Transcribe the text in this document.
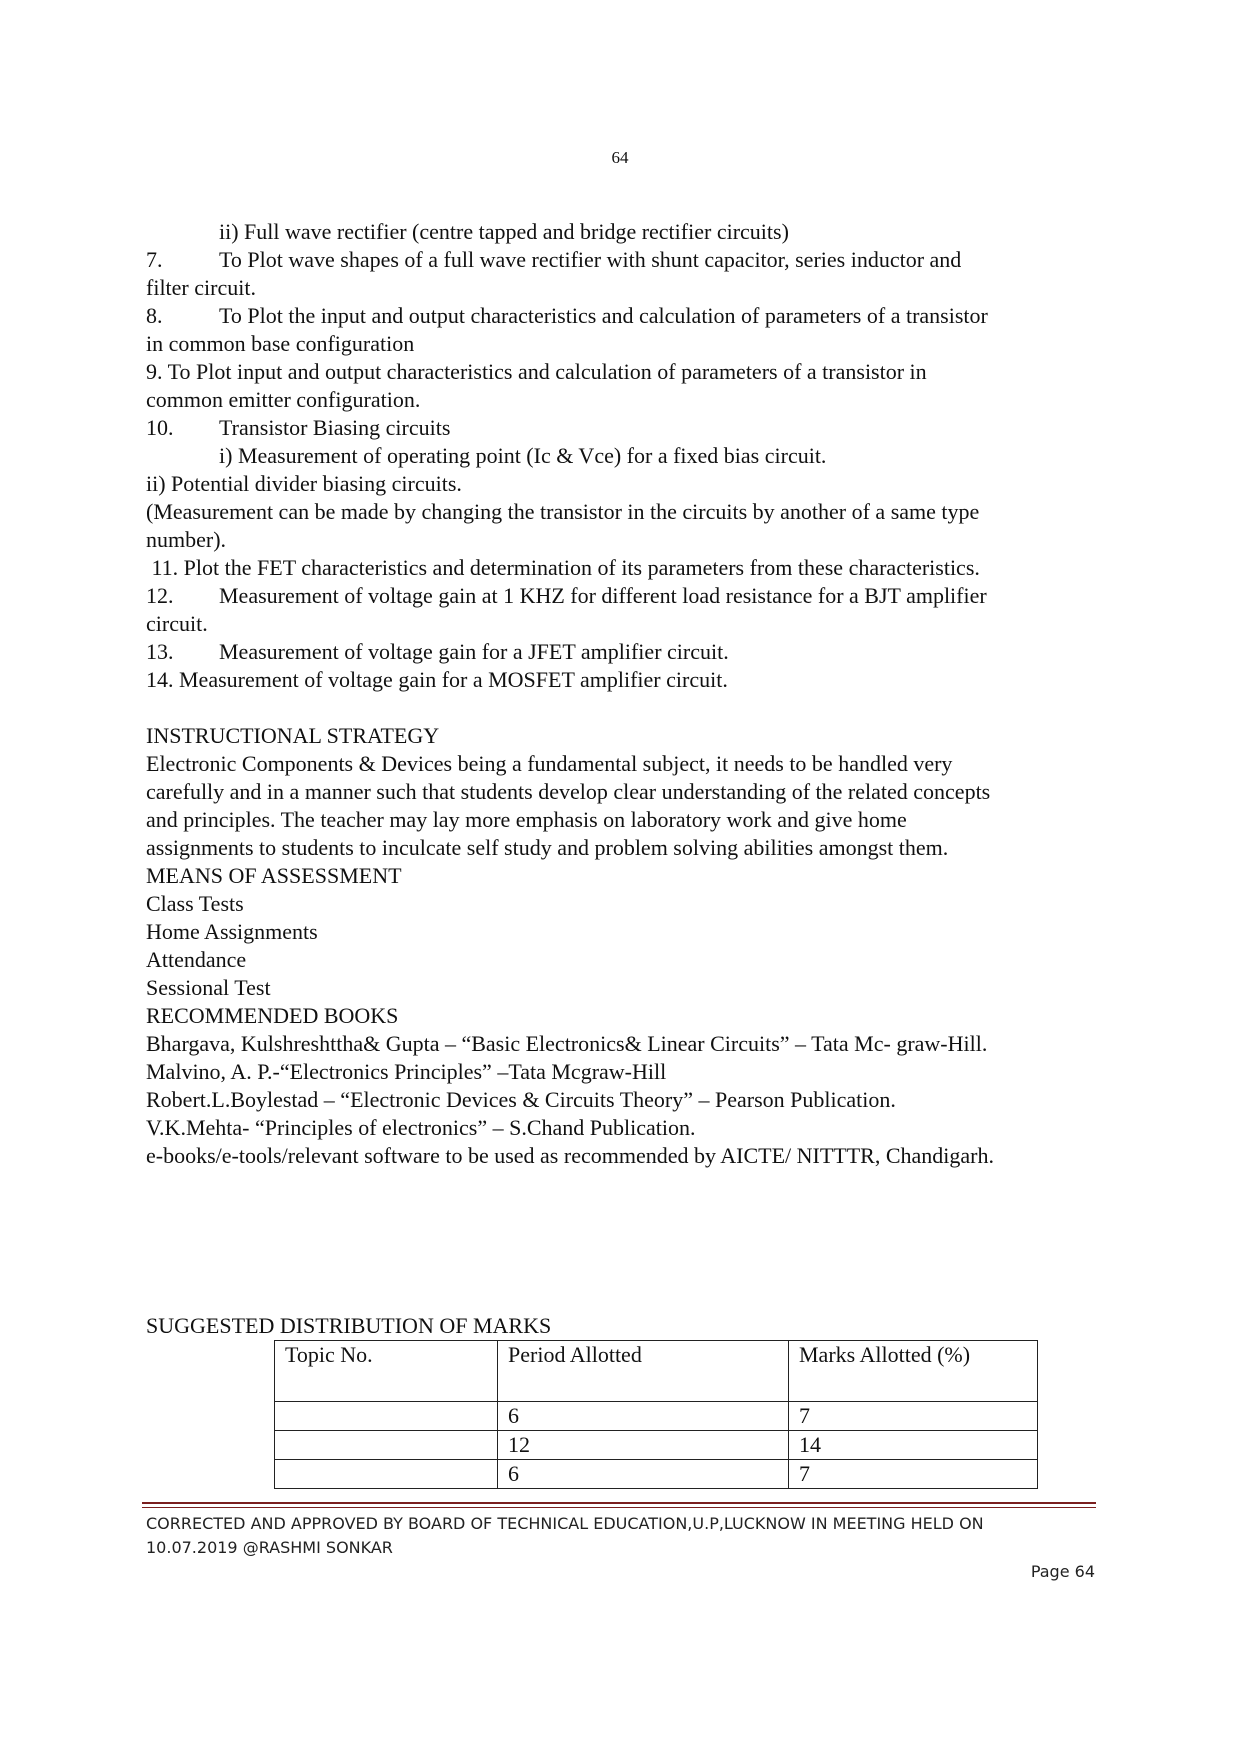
64
ii) Full wave rectifier (centre tapped and bridge rectifier circuits)
7.	To Plot wave shapes of a full wave rectifier with shunt capacitor, series inductor and
filter circuit.
8.	To Plot the input and output characteristics and calculation of parameters of a transistor
in common base configuration
9. To Plot input and output characteristics and calculation of parameters of a transistor in
common emitter configuration.
10. Transistor Biasing circuits
i) Measurement of operating point (Ic & Vce) for a fixed bias circuit.
ii) Potential divider biasing circuits.
(Measurement can be made by changing the transistor in the circuits by another of a same type
number).
11. Plot the FET characteristics and determination of its parameters from these characteristics.
12. Measurement of voltage gain at 1 KHZ for different load resistance for a BJT amplifier
circuit.
13. Measurement of voltage gain for a JFET amplifier circuit.
14. Measurement of voltage gain for a MOSFET amplifier circuit.
INSTRUCTIONAL STRATEGY
Electronic Components & Devices being a fundamental subject, it needs to be handled very
carefully and in a manner such that students develop clear understanding of the related concepts
and principles. The teacher may lay more emphasis on laboratory work and give home
assignments to students to inculcate self study and problem solving abilities amongst them.
MEANS OF ASSESSMENT
Class Tests
Home Assignments
Attendance
Sessional Test
RECOMMENDED BOOKS
Bhargava, Kulshreshttha& Gupta – “Basic Electronics& Linear Circuits” – Tata Mc- graw-Hill.
Malvino, A. P.-“Electronics Principles” –Tata Mcgraw-Hill
Robert.L.Boylestad – “Electronic Devices & Circuits Theory” – Pearson Publication.
V.K.Mehta- “Principles of electronics” – S.Chand Publication.
e-books/e-tools/relevant software to be used as recommended by AICTE/ NITTTR, Chandigarh.
SUGGESTED DISTRIBUTION OF MARKS
Topic No.	Period Allotted	Marks Allotted (%)
	6	7
	12	14
	6	7
CORRECTED AND APPROVED BY BOARD OF TECHNICAL EDUCATION,U.P,LUCKNOW IN MEETING HELD ON
10.07.2019 @RASHMI SONKAR
Page 64
